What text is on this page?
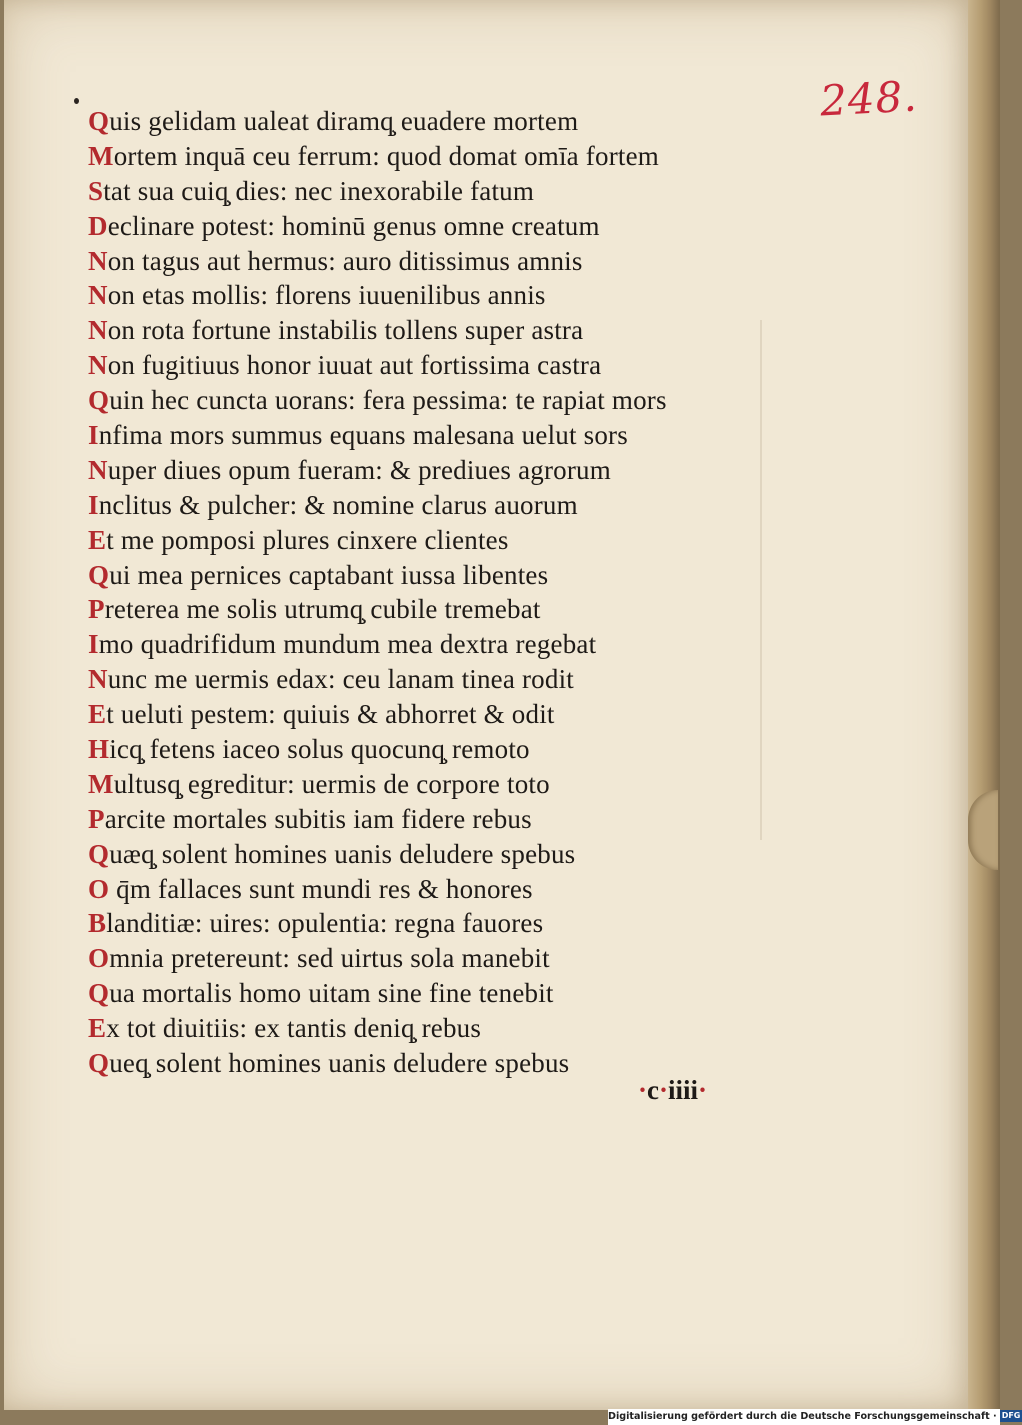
248.
Quis gelidam ualeat diramq̧ euadere mortem
Mortem inquā ceu ferrum: quod domat omīa fortem
Stat sua cuiq̧ dies: nec inexorabile fatum
Declinare potest: hominū genus omne creatum
Non tagus aut hermus: auro ditissimus amnis
Non etas mollis: florens iuuenilibus annis
Non rota fortune instabilis tollens super astra
Non fugitiuus honor iuuat aut fortissima castra
Quin hec cuncta uorans: fera pessima: te rapiat mors
Infima mors summus equans malesana uelut sors
Nuper diues opum fueram: & prediues agrorum
Inclitus & pulcher: & nomine clarus auorum
Et me pomposi plures cinxere clientes
Qui mea pernices captabant iussa libentes
Preterea me solis utrumq̧ cubile tremebat
Imo quadrifidum mundum mea dextra regebat
Nunc me uermis edax: ceu lanam tinea rodit
Et ueluti pestem: quiuis & abhorret & odit
Hicq̧ fetens iaceo solus quocunq̧ remoto
Multusq̧ egreditur: uermis de corpore toto
Parcite mortales subitis iam fidere rebus
Quæq̧ solent homines uanis deludere spebus
O q̄m fallaces sunt mundi res & honores
Blanditiæ: uires: opulentia: regna fauores
Omnia pretereunt: sed uirtus sola manebit
Qua mortalis homo uitam sine fine tenebit
Ex tot diuitiis: ex tantis deniq̧ rebus
Queq̧ solent homines uanis deludere spebus
·c·iiii·
Digitalisierung gefördert durch die Deutsche Forschungsgemeinschaft · DFG
